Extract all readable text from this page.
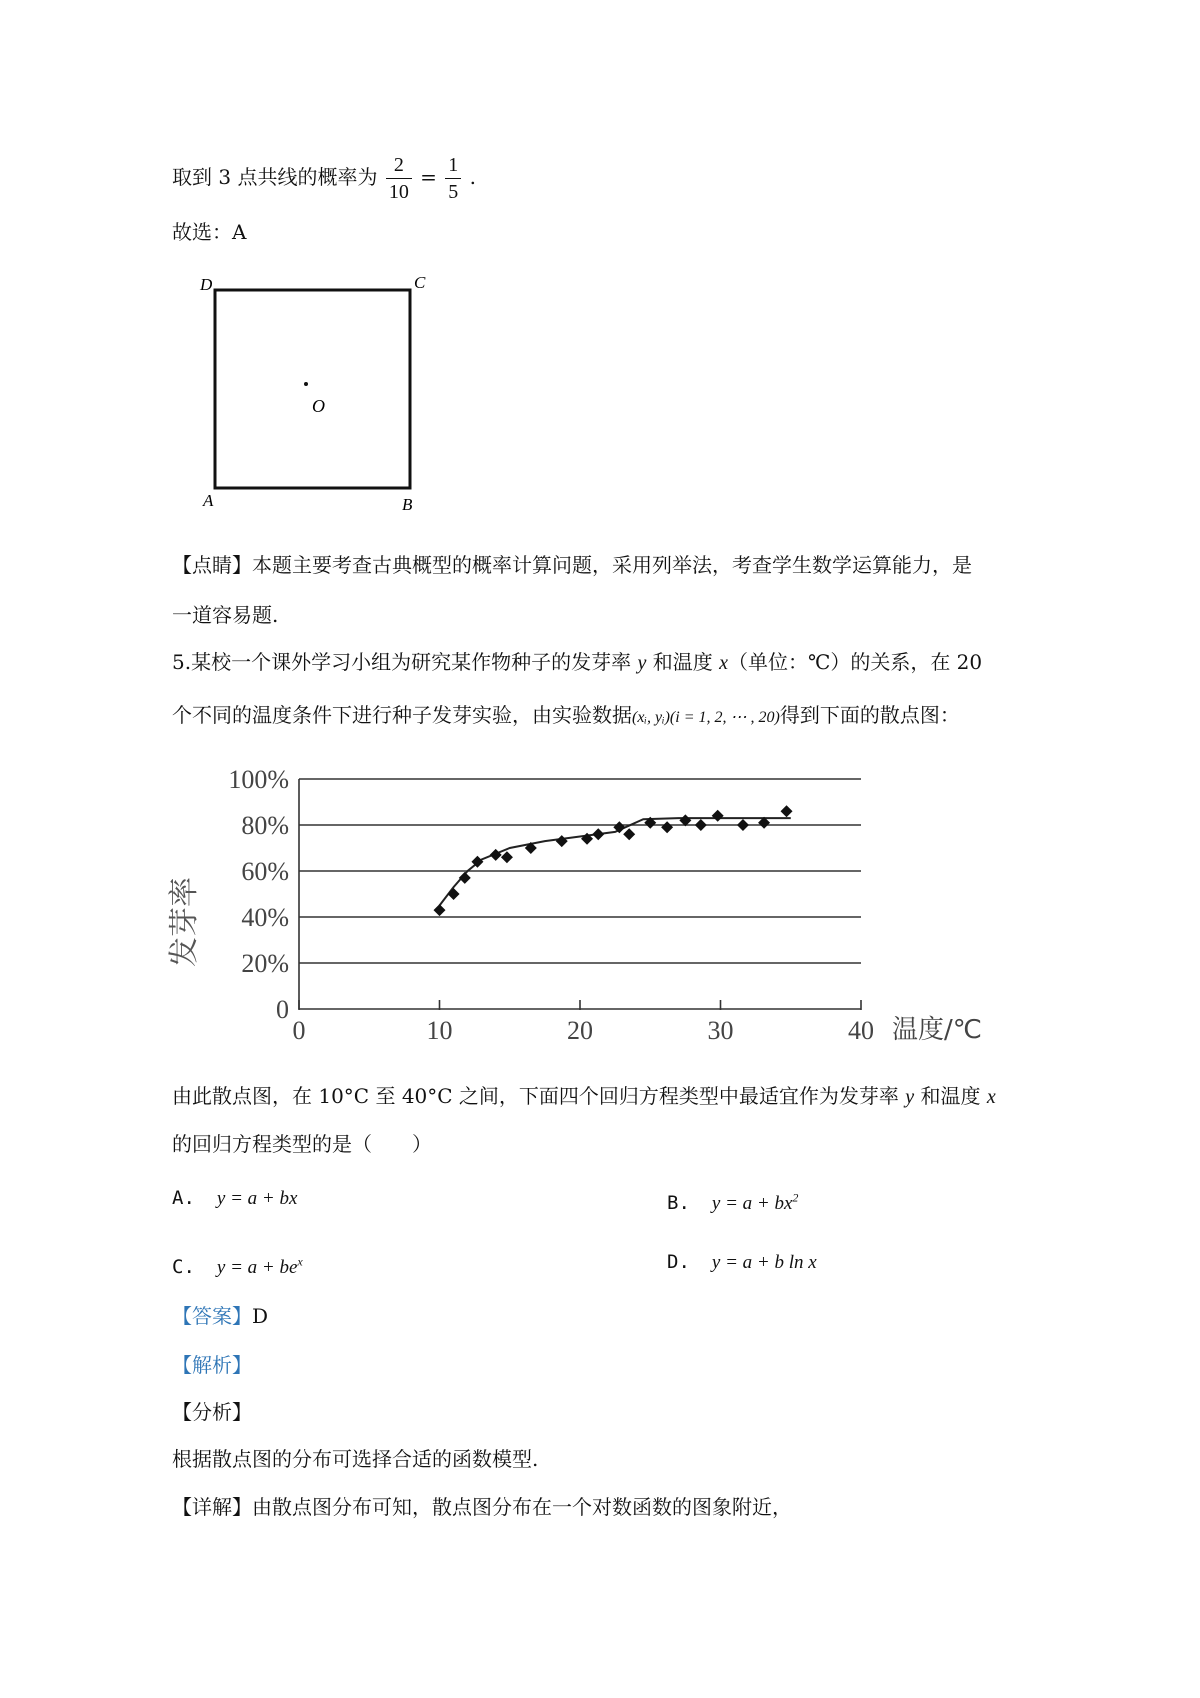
取到 3 点共线的概率为 $\frac{2}{10} = \frac{1}{5}$ .
故选：A
D	C
A	B
O
【点睛】本题主要考查古典概型的概率计算问题，采用列举法，考查学生数学运算能力，是
一道容易题.
5.某校一个课外学习小组为研究某作物种子的发芽率 y 和温度 x（单位：℃）的关系，在 20
个不同的温度条件下进行种子发芽实验，由实验数据(xᵢ, yᵢ)(i = 1, 2, ⋯ , 20)得到下面的散点图：
0
20%
40%
60%
80%
100%
0	10	20	30	40
发芽率
温度/℃
由此散点图，在 10°C 至 40°C 之间，下面四个回归方程类型中最适宜作为发芽率 y 和温度 x
的回归方程类型的是（　　）
A. y = a + bx	B. $y = a + bx^2$
C. $y = a + be^x$	D. y = a + b ln x
【答案】D
【解析】
【分析】
根据散点图的分布可选择合适的函数模型.
【详解】由散点图分布可知，散点图分布在一个对数函数的图象附近，
